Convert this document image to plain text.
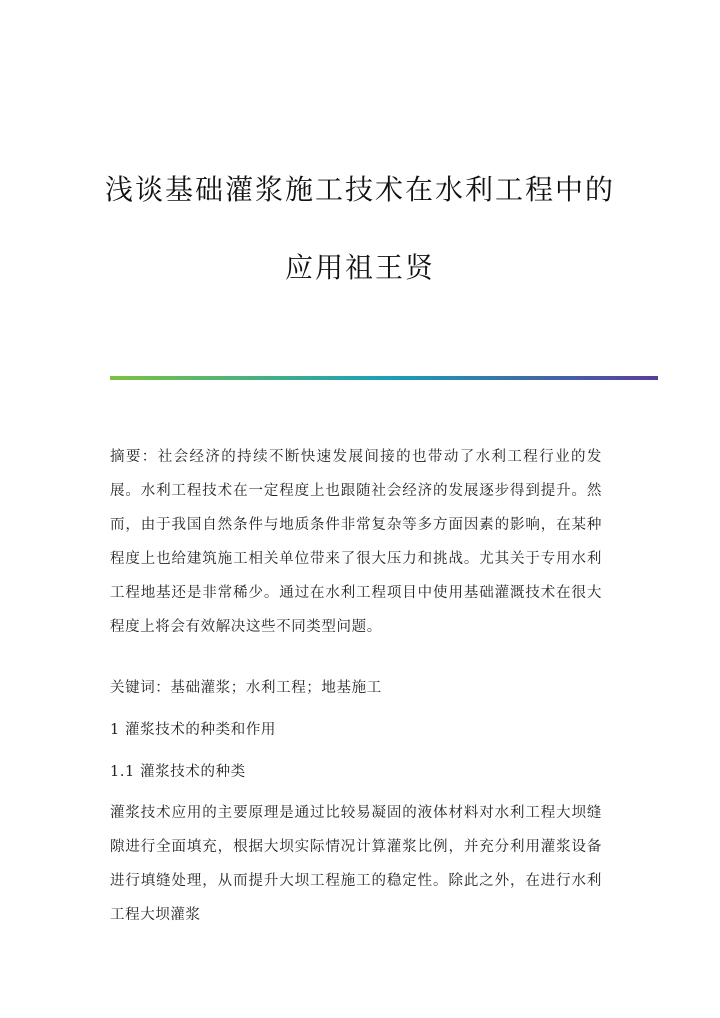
浅谈基础灌浆施工技术在水利工程中的
应用祖王贤
摘要：社会经济的持续不断快速发展间接的也带动了水利工程行业的发展。水利工程技术在一定程度上也跟随社会经济的发展逐步得到提升。然而，由于我国自然条件与地质条件非常复杂等多方面因素的影响，在某种程度上也给建筑施工相关单位带来了很大压力和挑战。尤其关于专用水利工程地基还是非常稀少。通过在水利工程项目中使用基础灌溉技术在很大程度上将会有效解决这些不同类型问题。
关键词：基础灌浆；水利工程；地基施工
1 灌浆技术的种类和作用
1.1 灌浆技术的种类
灌浆技术应用的主要原理是通过比较易凝固的液体材料对水利工程大坝缝隙进行全面填充，根据大坝实际情况计算灌浆比例，并充分利用灌浆设备进行填缝处理，从而提升大坝工程施工的稳定性。除此之外，在进行水利工程大坝灌浆
